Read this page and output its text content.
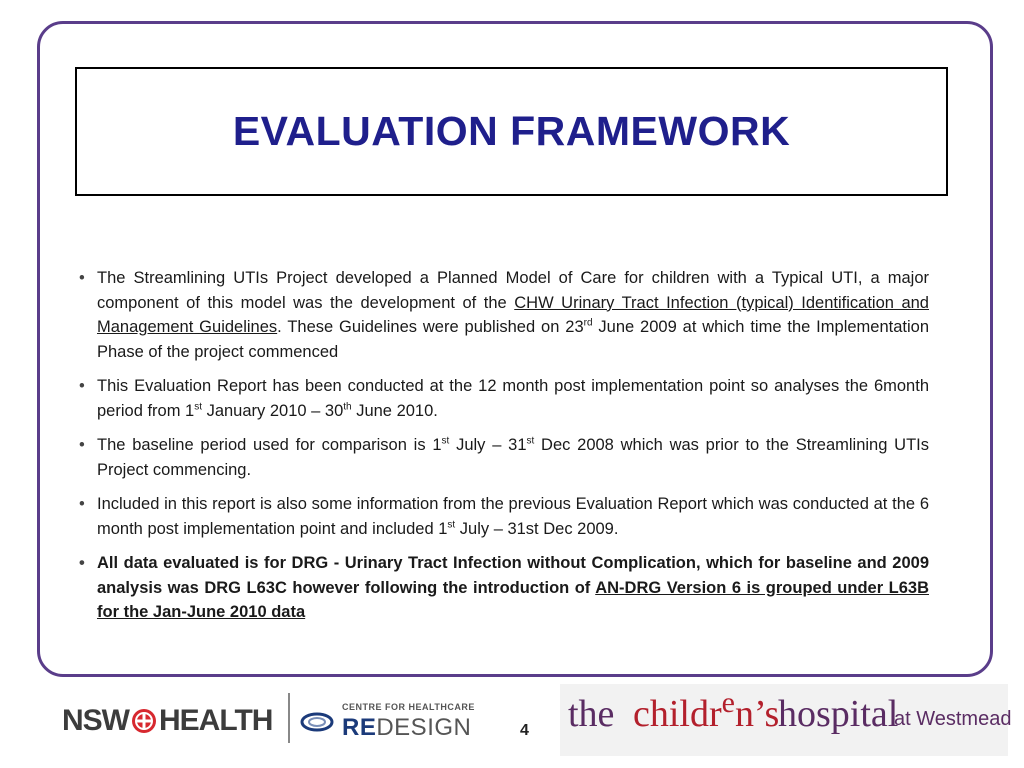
EVALUATION FRAMEWORK
• The Streamlining UTIs Project developed a Planned Model of Care for children with a Typical UTI, a major component of this model was the development of the CHW Urinary Tract Infection (typical) Identification and Management Guidelines. These Guidelines were published on 23rd June 2009 at which time the Implementation Phase of the project commenced
• This Evaluation Report has been conducted at the 12 month post implementation point so analyses the 6month period from 1st January 2010 – 30th June 2010.
• The baseline period used for comparison is 1st July – 31st Dec 2008 which was prior to the Streamlining UTIs Project commencing.
• Included in this report is also some information from the previous Evaluation Report which was conducted at the 6 month post implementation point and included 1st July – 31st Dec 2009.
• All data evaluated is for DRG - Urinary Tract Infection without Complication, which for baseline and 2009 analysis was DRG L63C however following the introduction of AN-DRG Version 6 is grouped under L63B for the Jan-June 2010 data
NSW HEALTH	CENTRE FOR HEALTHCARE
REDESIGN	4 the childr$^e$n’s
hospital
at Westmead
